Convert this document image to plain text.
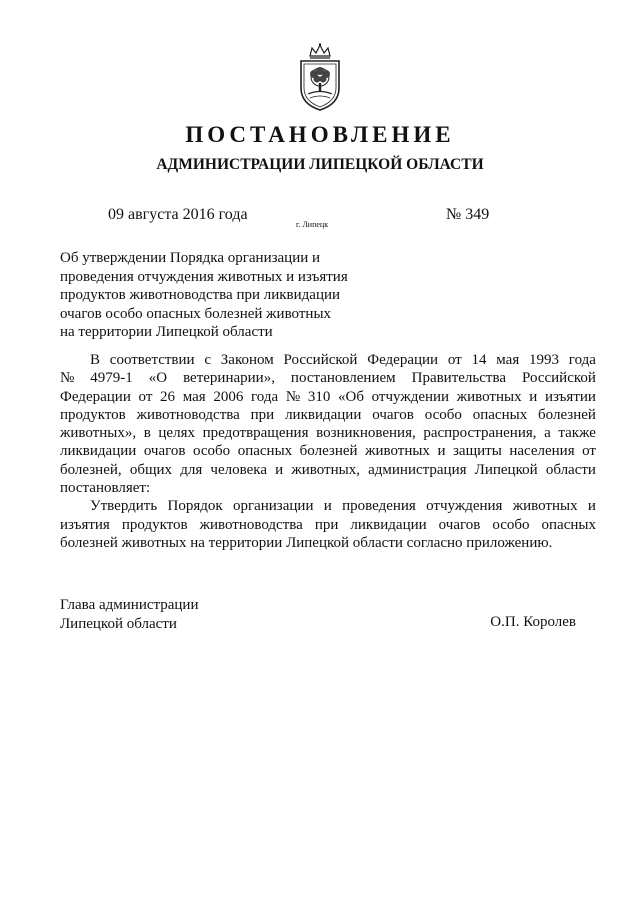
ПОСТАНОВЛЕНИЕ
АДМИНИСТРАЦИИ ЛИПЕЦКОЙ ОБЛАСТИ
09 августа 2016 года
г. Липецк
№ 349
Об утверждении Порядка организации и
проведения отчуждения животных и изъятия
продуктов животноводства при ликвидации
очагов особо опасных болезней животных
на территории Липецкой области
В соответствии с Законом Российской Федерации от 14 мая 1993 года
№ 4979-1 «О ветеринарии», постановлением Правительства Российской
Федерации от 26 мая 2006 года № 310 «Об отчуждении животных и изъятии
продуктов животноводства при ликвидации очагов особо опасных болезней
животных», в целях предотвращения возникновения, распространения, а также
ликвидации очагов особо опасных болезней животных и защиты населения от
болезней, общих для человека и животных, администрация Липецкой области
постановляет:
Утвердить Порядок организации и проведения отчуждения животных и
изъятия продуктов животноводства при ликвидации очагов особо опасных
болезней животных на территории Липецкой области согласно приложению.
Глава администрации
Липецкой области	О.П. Королев
